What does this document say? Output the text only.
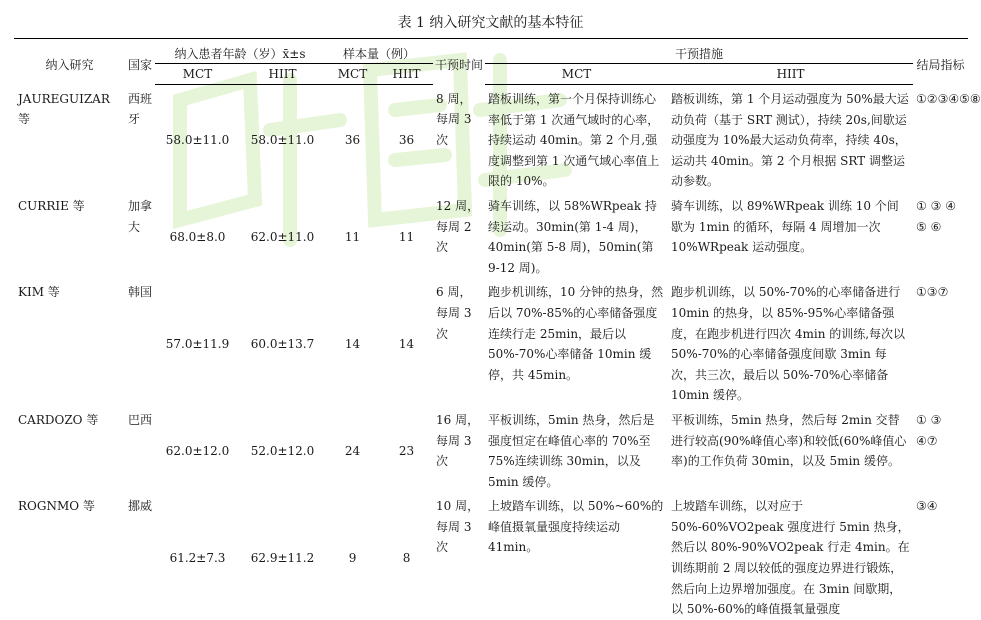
表 1 纳入研究文献的基本特征
纳入研究	国家	纳入患者年龄（岁）x̄±s		样本量（例）		干预时间	干预措施		结局指标
		MCT	HIIT	MCT	HIIT		MCT	HIIT	
JAUREGUIZAR 等	西班牙	58.0±11.0	58.0±11.0	36	36	8 周，每周 3 次	踏板训练，第一个月保持训练心率低于第 1 次通气域时的心率，持续运动 40min。第 2 个月,强度调整到第 1 次通气域心率值上限的 10%。	踏板训练，第 1 个月运动强度为 50%最大运动负荷（基于 SRT 测试），持续 20s,间歇运动强度为 10%最大运动负荷率，持续 40s，运动共 40min。第 2 个月根据 SRT 调整运动参数。	①②③④⑤⑧
CURRIE 等	加拿大	68.0±8.0	62.0±11.0	11	11	12 周，每周 2 次	骑车训练，以 58%WRpeak 持续运动。30min(第 1-4 周)，40min(第 5-8 周)，50min(第 9-12 周)。	骑车训练，以 89%WRpeak 训练 10 个间歇为 1min 的循环，每隔 4 周增加一次 10%WRpeak 运动强度。	① ③ ④ ⑤ ⑥
KIM 等	韩国	57.0±11.9	60.0±13.7	14	14	6 周，每周 3 次	跑步机训练，10 分钟的热身，然后以 70%-85%的心率储备强度连续行走 25min，最后以 50%-70%心率储备 10min 缓停，共 45min。	跑步机训练，以 50%-70%的心率储备进行 10min 的热身，以 85%-95%心率储备强度，在跑步机进行四次 4min 的训练,每次以 50%-70%的心率储备强度间歇 3min 每次，共三次，最后以 50%-70%心率储备 10min 缓停。	①③⑦
CARDOZO 等	巴西	62.0±12.0	52.0±12.0	24	23	16 周，每周 3 次	平板训练，5min 热身，然后是强度恒定在峰值心率的 70%至 75%连续训练 30min，以及 5min 缓停。	平板训练，5min 热身，然后每 2min 交替进行较高(90%峰值心率)和较低(60%峰值心率)的工作负荷 30min，以及 5min 缓停。	① ③ ④⑦
ROGNMO 等	挪威	61.2±7.3	62.9±11.2	9	8	10 周，每周 3 次	上坡踏车训练，以 50%~60%的峰值摄氧量强度持续运动 41min。	上坡踏车训练，以对应于 50%-60%VO2peak 强度进行 5min 热身，然后以 80%-90%VO2peak 行走 4min。在训练期前 2 周以较低的强度边界进行锻炼，然后向上边界增加强度。在 3min 间歇期，以 50%-60%的峰值摄氧量强度	③④
